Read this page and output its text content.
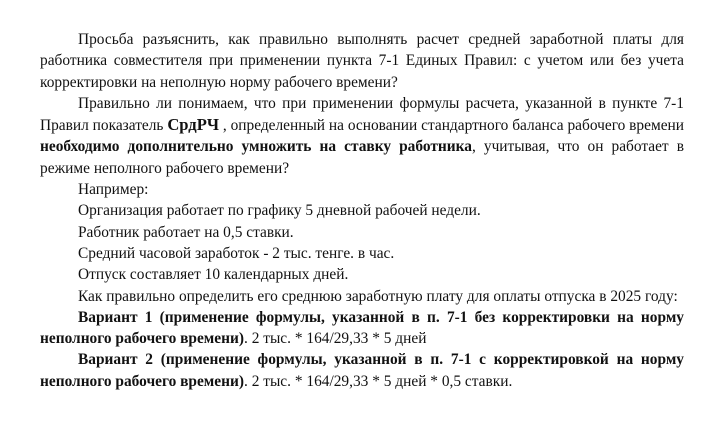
Просьба разъяснить, как правильно выполнять расчет средней заработной платы для работника совместителя при применении пункта 7-1 Единых Правил: с учетом или без учета корректировки на неполную норму рабочего времени?

Правильно ли понимаем, что при применении формулы расчета, указанной в пункте 7-1 Правил показатель СрдРЧ , определенный на основании стандартного баланса рабочего времени необходимо дополнительно умножить на ставку работника, учитывая, что он работает в режиме неполного рабочего времени?

Например:

Организация работает по графику 5 дневной рабочей недели.

Работник работает на 0,5 ставки.

Средний часовой заработок - 2 тыс. тенге. в час.

Отпуск составляет 10 календарных дней.

Как правильно определить его среднюю заработную плату для оплаты отпуска в 2025 году:

Вариант 1 (применение формулы, указанной в п. 7-1 без корректировки на норму неполного рабочего времени). 2 тыс. * 164/29,33 * 5 дней

Вариант 2 (применение формулы, указанной в п. 7-1 с корректировкой на норму неполного рабочего времени). 2 тыс. * 164/29,33 * 5 дней * 0,5 ставки.
